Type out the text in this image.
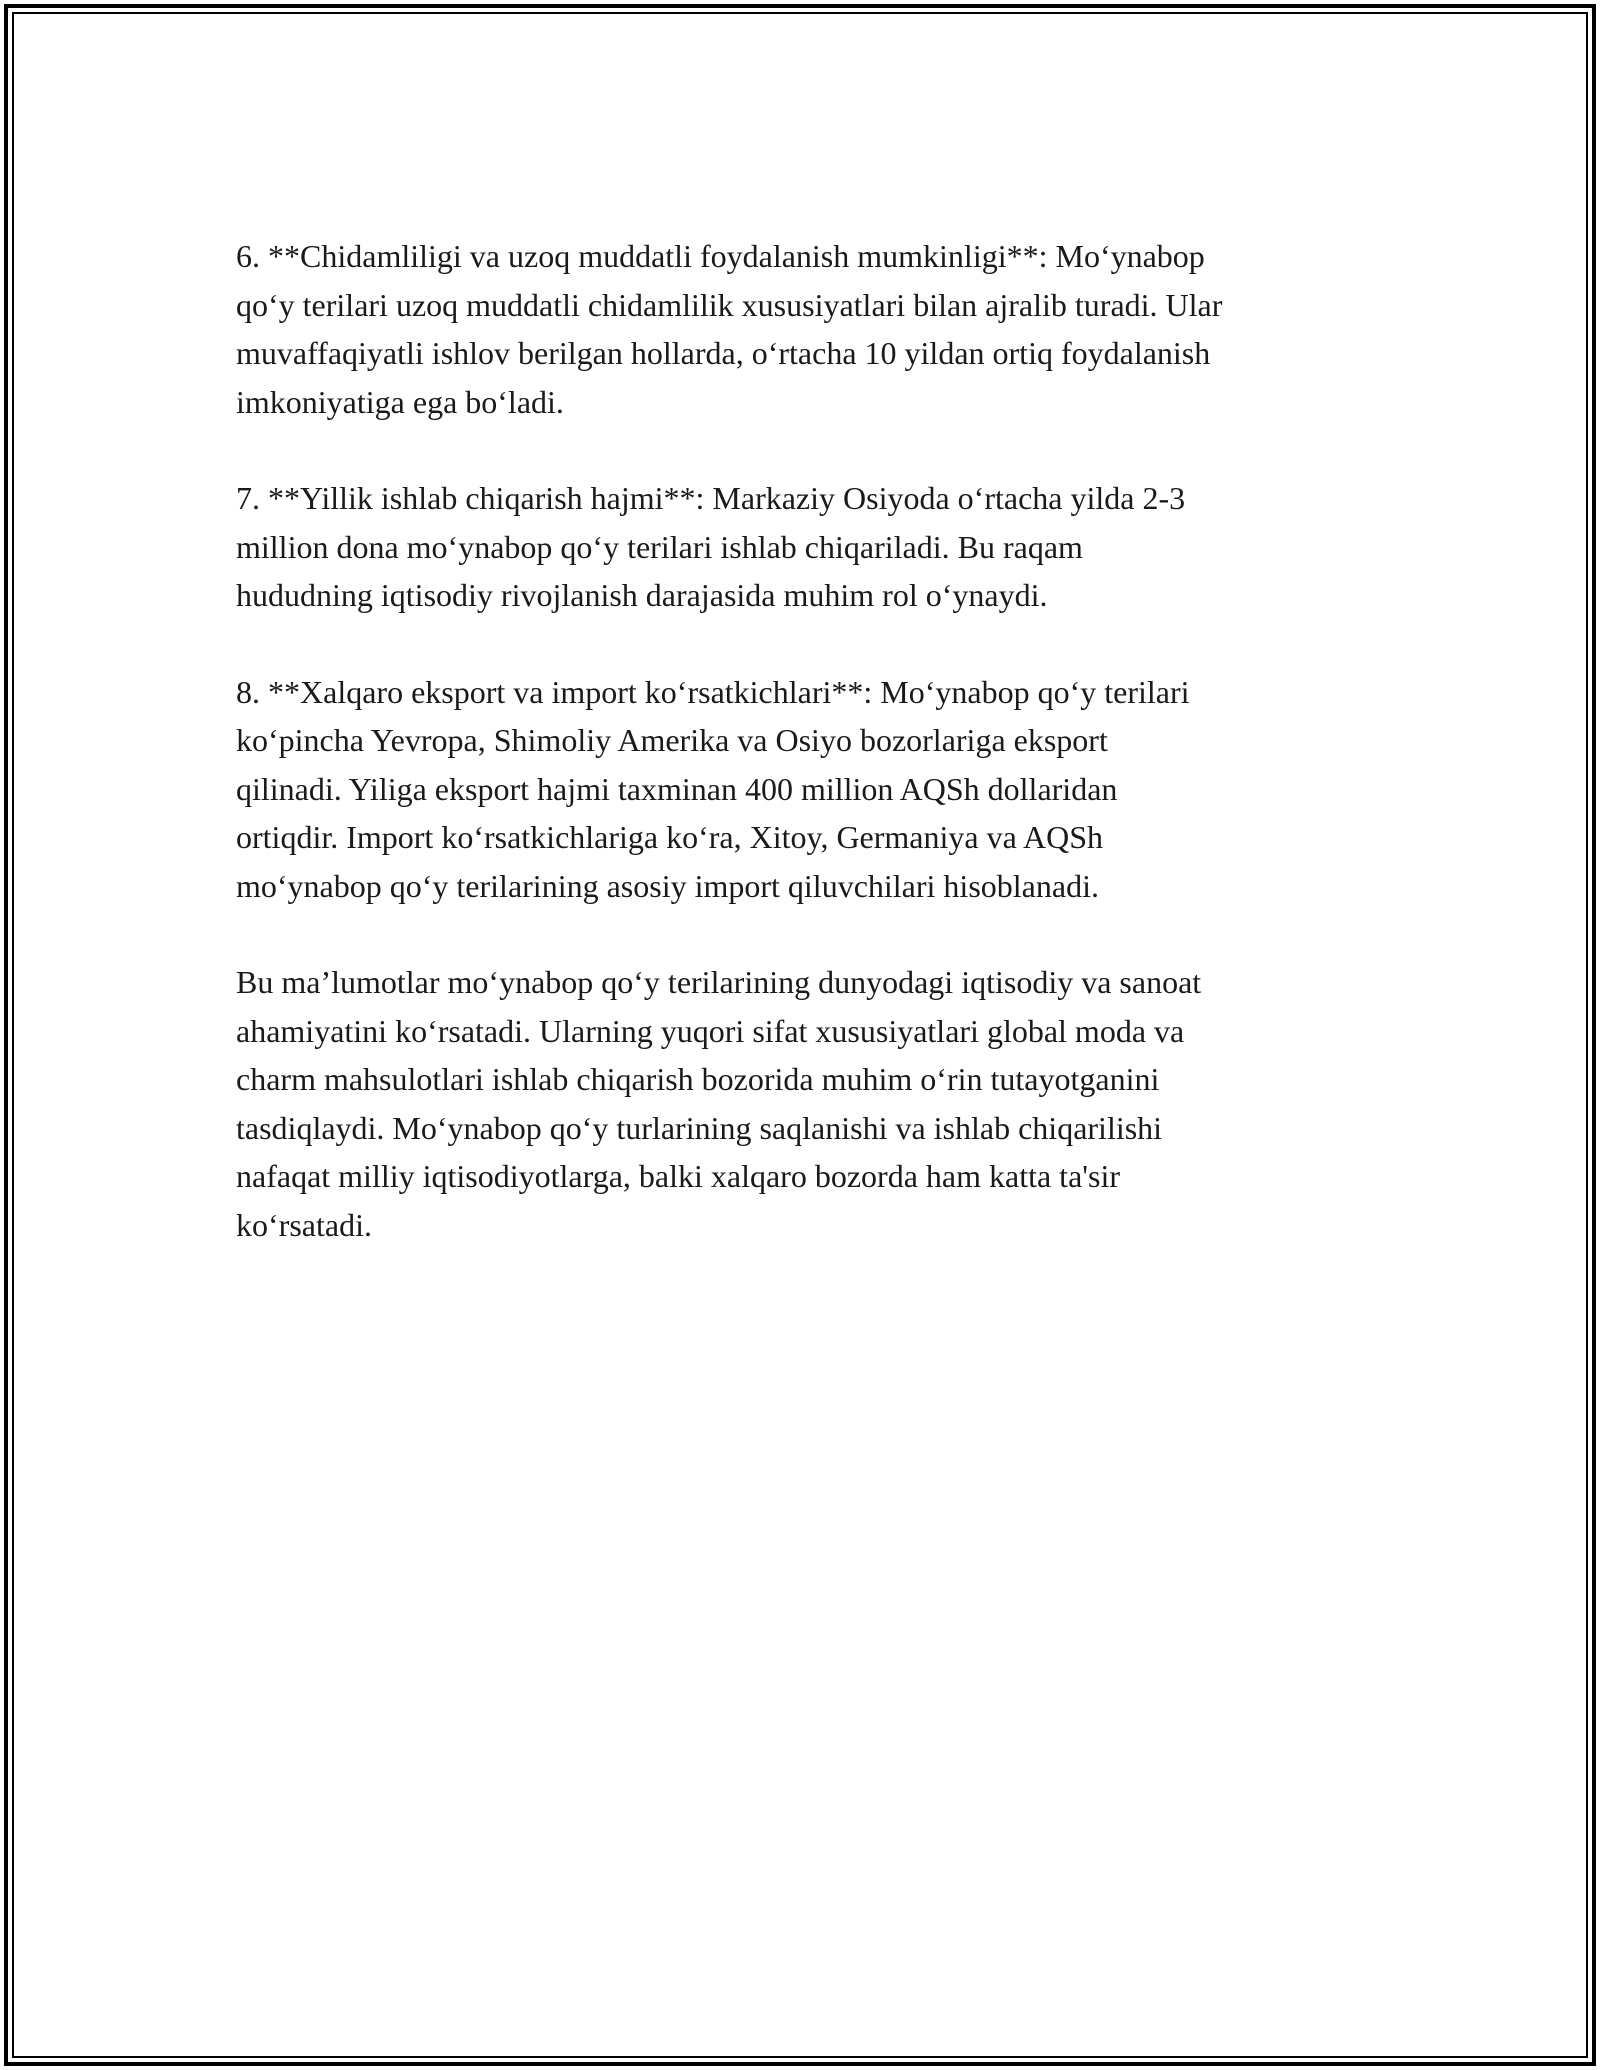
6. **Chidamliligi va uzoq muddatli foydalanish mumkinligi**: Mo‘ynabop
qo‘y terilari uzoq muddatli chidamlilik xususiyatlari bilan ajralib turadi. Ular
muvaffaqiyatli ishlov berilgan hollarda, o‘rtacha 10 yildan ortiq foydalanish
imkoniyatiga ega bo‘ladi.

7. **Yillik ishlab chiqarish hajmi**: Markaziy Osiyoda o‘rtacha yilda 2-3
million dona mo‘ynabop qo‘y terilari ishlab chiqariladi. Bu raqam
hududning iqtisodiy rivojlanish darajasida muhim rol o‘ynaydi.

8. **Xalqaro eksport va import ko‘rsatkichlari**: Mo‘ynabop qo‘y terilari
ko‘pincha Yevropa, Shimoliy Amerika va Osiyo bozorlariga eksport
qilinadi. Yiliga eksport hajmi taxminan 400 million AQSh dollaridan
ortiqdir. Import ko‘rsatkichlariga ko‘ra, Xitoy, Germaniya va AQSh
mo‘ynabop qo‘y terilarining asosiy import qiluvchilari hisoblanadi.

Bu ma’lumotlar mo‘ynabop qo‘y terilarining dunyodagi iqtisodiy va sanoat
ahamiyatini ko‘rsatadi. Ularning yuqori sifat xususiyatlari global moda va
charm mahsulotlari ishlab chiqarish bozorida muhim o‘rin tutayotganini
tasdiqlaydi. Mo‘ynabop qo‘y turlarining saqlanishi va ishlab chiqarilishi
nafaqat milliy iqtisodiyotlarga, balki xalqaro bozorda ham katta ta'sir
ko‘rsatadi.
